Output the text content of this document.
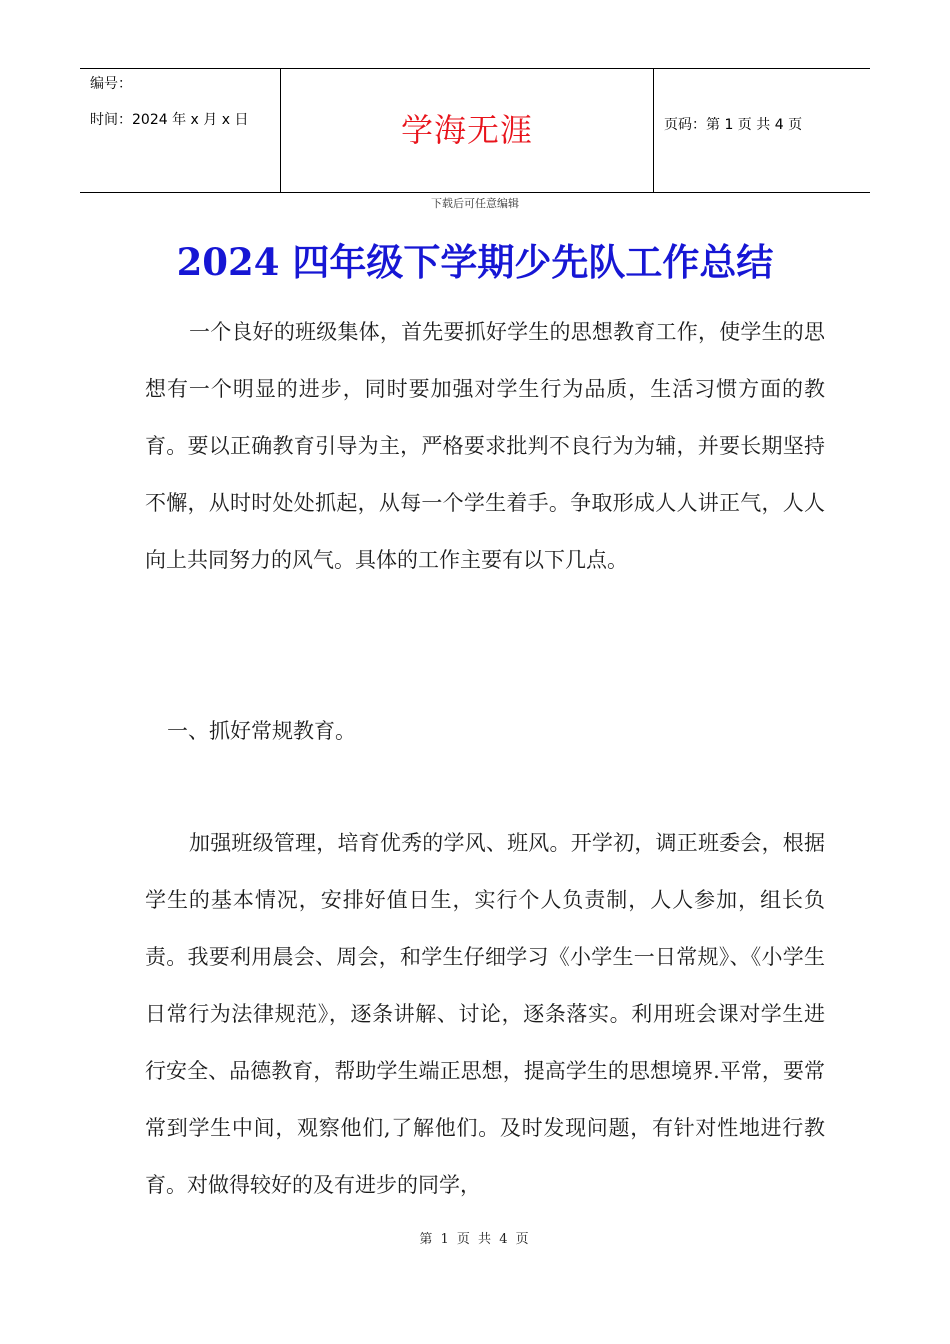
编号：
时间：2024 年 x 月 x 日	学海无涯	页码：第 1 页 共 4 页
下载后可任意编辑
2024 四年级下学期少先队工作总结
一个良好的班级集体，首先要抓好学生的思想教育工作，使学生的思想有一个明显的进步，同时要加强对学生行为品质，生活习惯方面的教育。要以正确教育引导为主，严格要求批判不良行为为辅，并要长期坚持不懈，从时时处处抓起，从每一个学生着手。争取形成人人讲正气，人人向上共同努力的风气。具体的工作主要有以下几点。
一、抓好常规教育。
加强班级管理，培育优秀的学风、班风。开学初，调正班委会，根据学生的基本情况，安排好值日生，实行个人负责制，人人参加，组长负责。我要利用晨会、周会，和学生仔细学习《小学生一日常规》、《小学生日常行为法律规范》，逐条讲解、讨论，逐条落实。利用班会课对学生进行安全、品德教育，帮助学生端正思想，提高学生的思想境界.平常，要常常到学生中间，观察他们,了解他们。及时发现问题，有针对性地进行教育。对做得较好的及有进步的同学，
第 1 页 共 4 页
